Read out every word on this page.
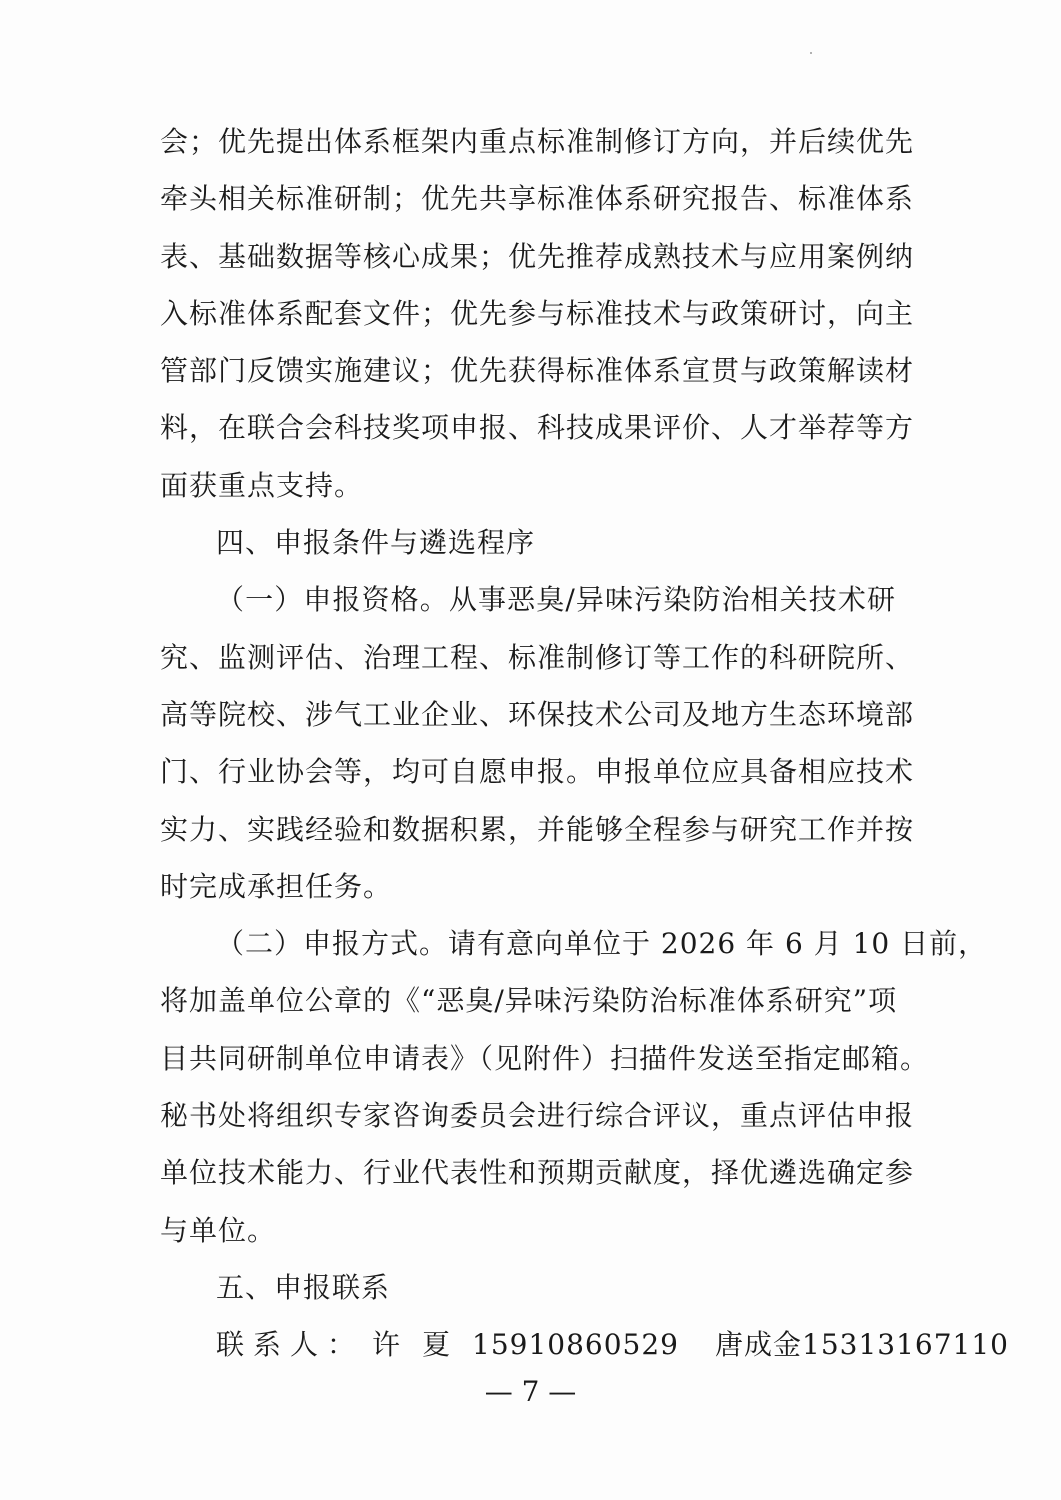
会；优先提出体系框架内重点标准制修订方向，并后续优先
牵头相关标准研制；优先共享标准体系研究报告、标准体系
表、基础数据等核心成果；优先推荐成熟技术与应用案例纳
入标准体系配套文件；优先参与标准技术与政策研讨，向主
管部门反馈实施建议；优先获得标准体系宣贯与政策解读材
料，在联合会科技奖项申报、科技成果评价、人才举荐等方
面获重点支持。
四、申报条件与遴选程序
（一）申报资格。从事恶臭/异味污染防治相关技术研
究、监测评估、治理工程、标准制修订等工作的科研院所、
高等院校、涉气工业企业、环保技术公司及地方生态环境部
门、行业协会等，均可自愿申报。申报单位应具备相应技术
实力、实践经验和数据积累，并能够全程参与研究工作并按
时完成承担任务。
（二）申报方式。请有意向单位于 2026 年 6 月 10 日前，
将加盖单位公章的《“恶臭/异味污染防治标准体系研究”项
目共同研制单位申请表》（见附件）扫描件发送至指定邮箱。
秘书处将组织专家咨询委员会进行综合评议，重点评估申报
单位技术能力、行业代表性和预期贡献度，择优遴选确定参
与单位。
五、申报联系
联系人： 许夏 15910860529 唐成金 15313167110
— 7 —
